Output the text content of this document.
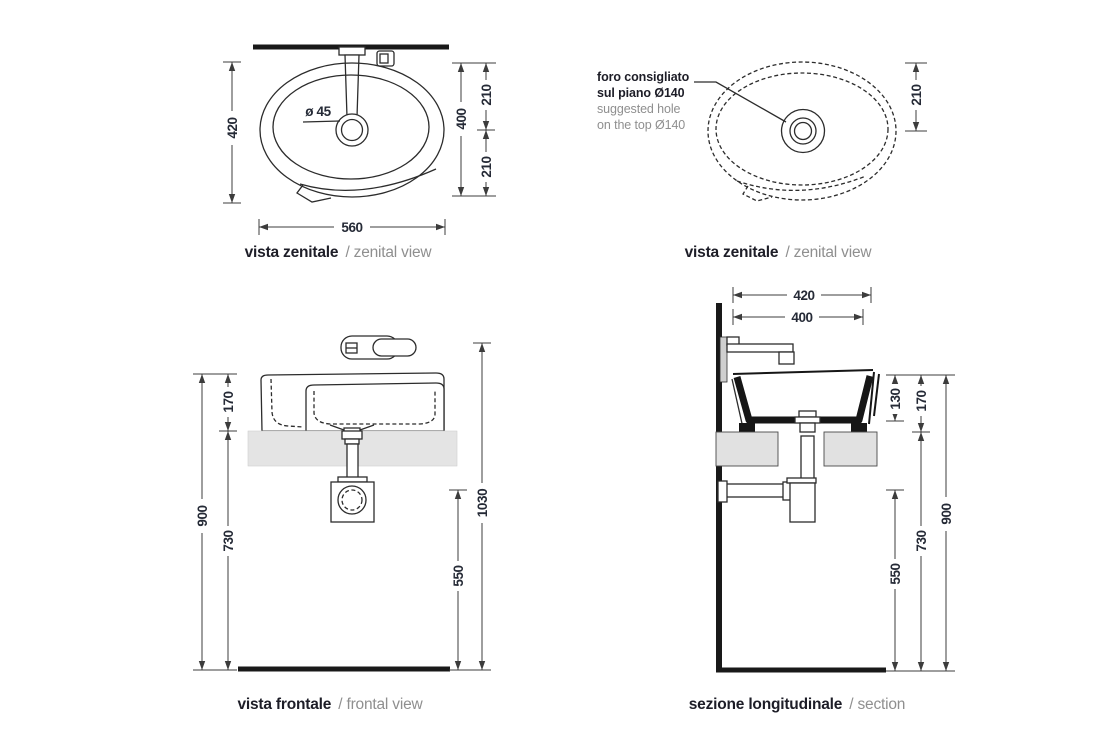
ø 45
420	400
210
210
560
210
foro consigliato
sul piano Ø140
suggested hole
on the top Ø140
900
170
730
550
1030
420
400
130
550
170
730
900
vista zenitale / zenital view	vista zenitale / zenital view
vista frontale / frontal view	sezione longitudinale / section
